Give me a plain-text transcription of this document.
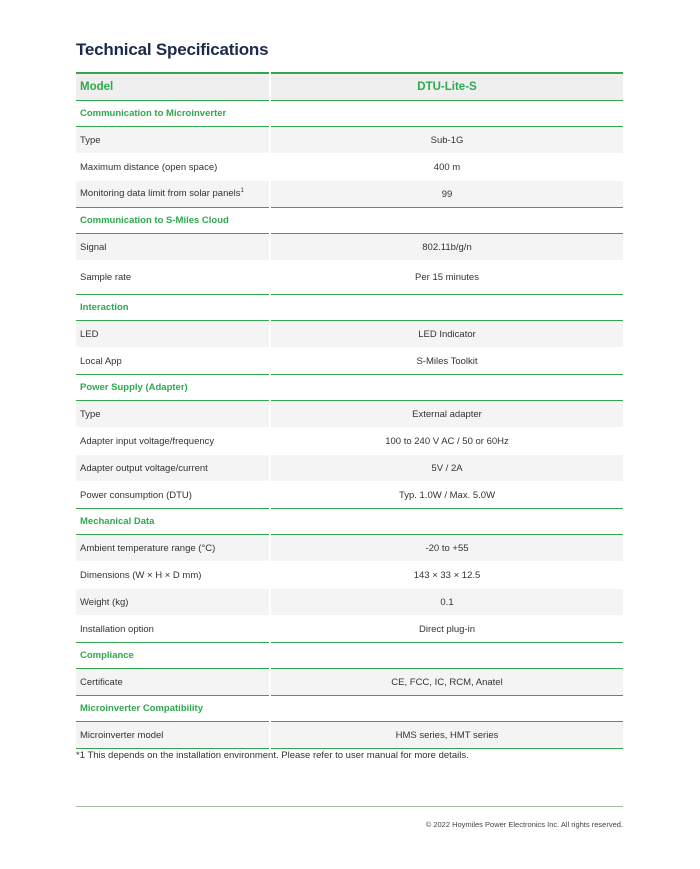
Technical Specifications
Model	DTU-Lite-S
Communication to Microinverter	
Type	Sub-1G
Maximum distance (open space)	400 m
Monitoring data limit from solar panels$^1$	99
Communication to S-Miles Cloud	
Signal	802.11b/g/n
Sample rate	Per 15 minutes
Interaction	
LED	LED Indicator
Local App	S-Miles Toolkit
Power Supply (Adapter)	
Type	External adapter
Adapter input voltage/frequency	100 to 240 V AC / 50 or 60Hz
Adapter output voltage/current	5V / 2A
Power consumption (DTU)	Typ. 1.0W / Max. 5.0W
Mechanical Data	
Ambient temperature range (°C)	-20 to +55
Dimensions (W × H × D mm)	143 × 33 × 12.5
Weight (kg)	0.1
Installation option	Direct plug-in
Compliance	
Certificate	CE, FCC, IC, RCM, Anatel
Microinverter Compatibility	
Microinverter model	HMS series, HMT series
*1 This depends on the installation environment. Please refer to user manual for more details.
© 2022 Hoymiles Power Electronics Inc. All rights reserved.
